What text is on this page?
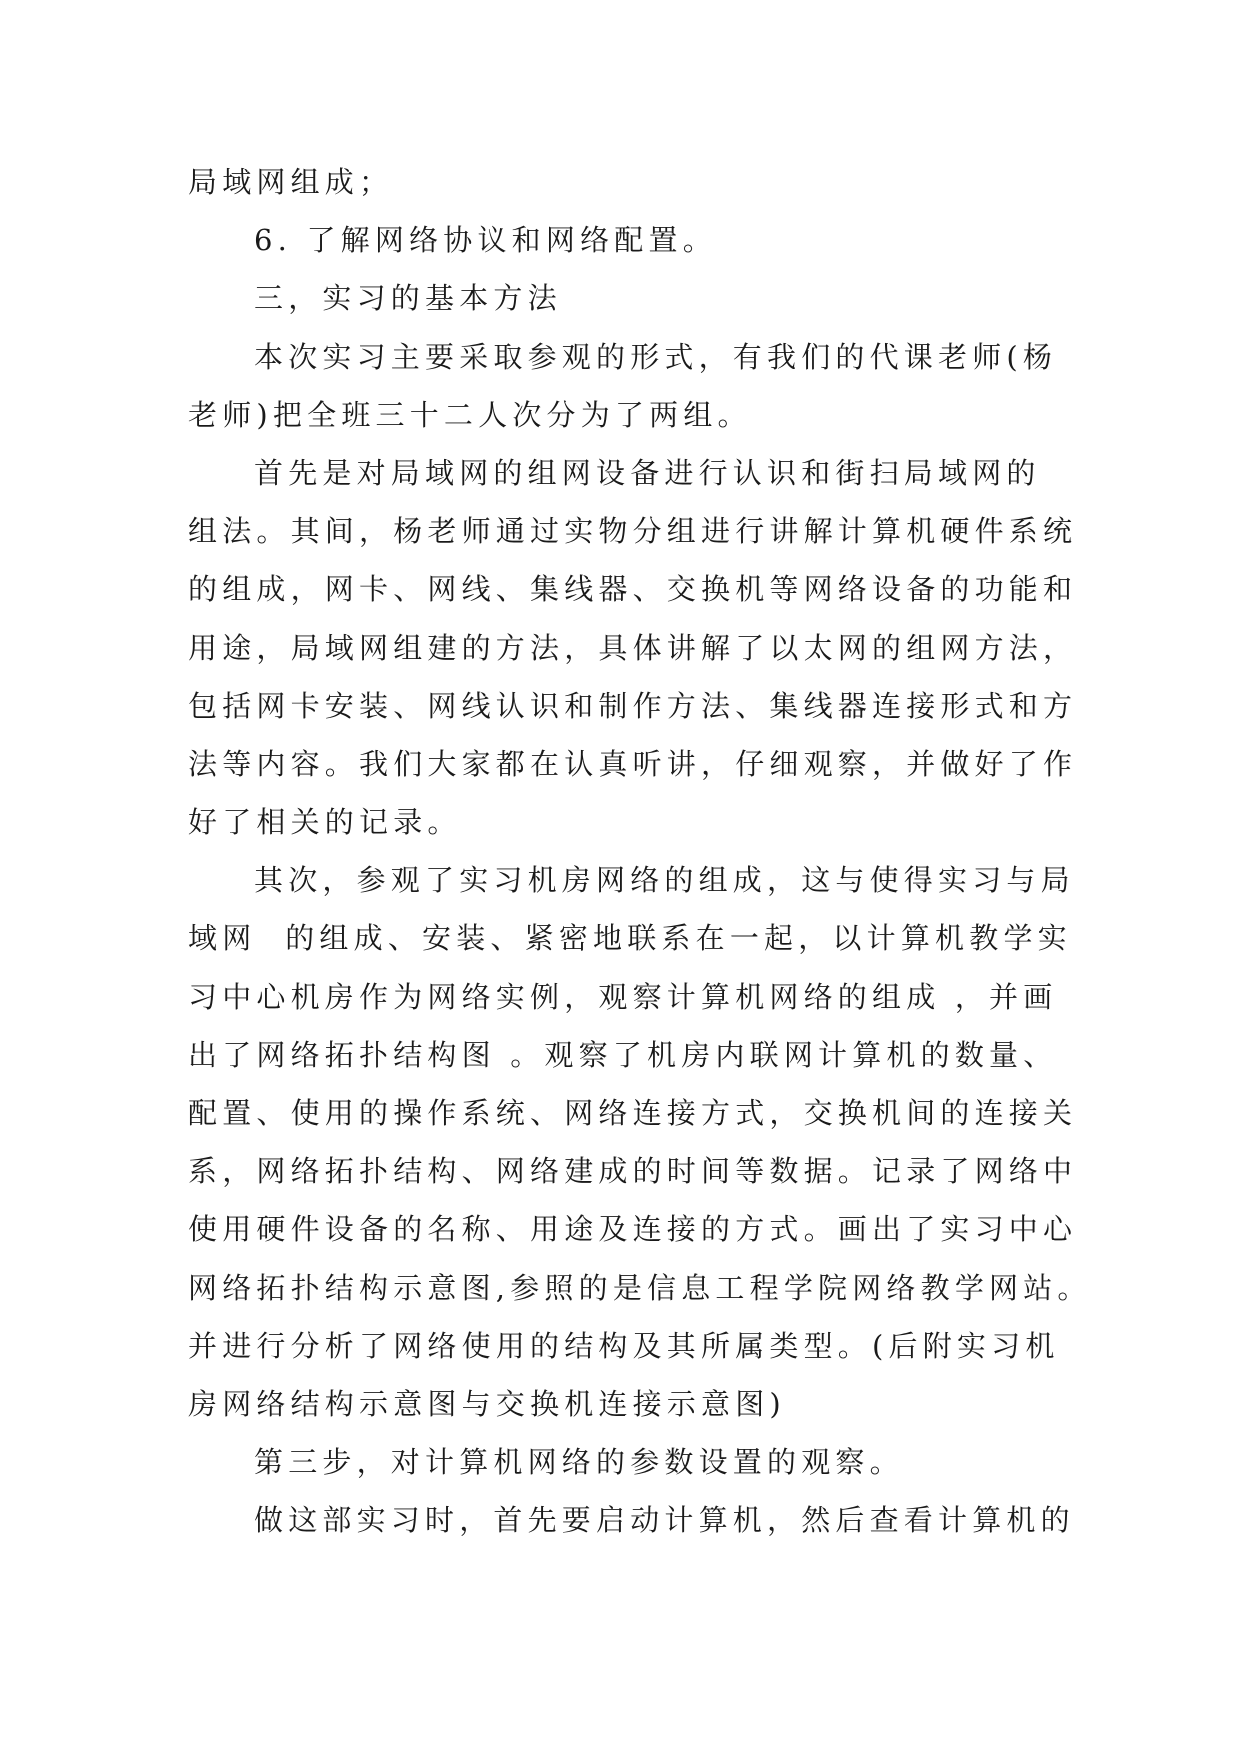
局域网组成；
6. 了解网络协议和网络配置。
三，实习的基本方法
本次实习主要采取参观的形式，有我们的代课老师(杨
老师)把全班三十二人次分为了两组。
首先是对局域网的组网设备进行认识和街扫局域网的
组法。其间，杨老师通过实物分组进行讲解计算机硬件系统
的组成，网卡、网线、集线器、交换机等网络设备的功能和
用途，局域网组建的方法，具体讲解了以太网的组网方法，
包括网卡安装、网线认识和制作方法、集线器连接形式和方
法等内容。我们大家都在认真听讲，仔细观察，并做好了作
好了相关的记录。
其次，参观了实习机房网络的组成，这与使得实习与局
域网  的组成、安装、紧密地联系在一起，以计算机教学实
习中心机房作为网络实例，观察计算机网络的组成 ，并画
出了网络拓扑结构图 。观察了机房内联网计算机的数量、
配置、使用的操作系统、网络连接方式，交换机间的连接关
系，网络拓扑结构、网络建成的时间等数据。记录了网络中
使用硬件设备的名称、用途及连接的方式。画出了实习中心
网络拓扑结构示意图,参照的是信息工程学院网络教学网站。
并进行分析了网络使用的结构及其所属类型。(后附实习机
房网络结构示意图与交换机连接示意图)
第三步，对计算机网络的参数设置的观察。
做这部实习时，首先要启动计算机，然后查看计算机的
